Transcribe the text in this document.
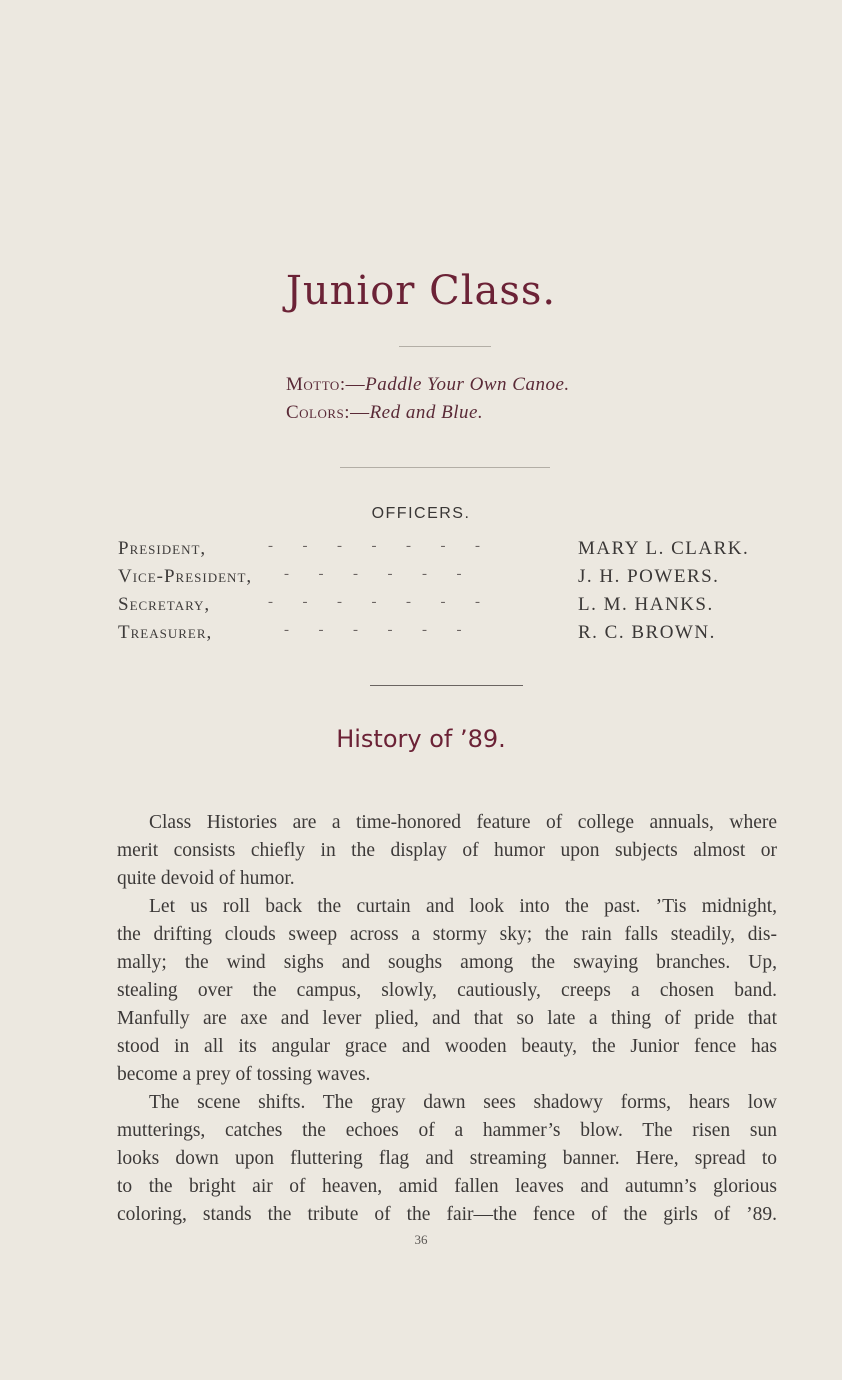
Junior Class.
Motto:—Paddle Your Own Canoe.
Colors:—Red and Blue.
OFFICERS.
President,	-      -      -      -      -      -      -	MARY L. CLARK.
Vice-President, -      -      -      -      -      -	J. H. POWERS.
Secretary,	-      -      -      -      -      -      -	L. M. HANKS.
Treasurer,	-      -      -      -      -      -	R. C. BROWN.
History of ’89.

Class Histories are a time-honored feature of college annuals, where
merit consists chiefly in the display of humor upon subjects almost or
quite devoid of humor.

Let us roll back the curtain and look into the past. ’Tis midnight,
the drifting clouds sweep across a stormy sky; the rain falls steadily, dis-
mally; the wind sighs and soughs among the swaying branches. Up,
stealing over the campus, slowly, cautiously, creeps a chosen band.
Manfully are axe and lever plied, and that so late a thing of pride that
stood in all its angular grace and wooden beauty, the Junior fence has
become a prey of tossing waves.

The scene shifts. The gray dawn sees shadowy forms, hears low
mutterings, catches the echoes of a hammer’s blow. The risen sun
looks down upon fluttering flag and streaming banner. Here, spread to
to the bright air of heaven, amid fallen leaves and autumn’s glorious
coloring, stands the tribute of the fair—the fence of the girls of ’89.

36
